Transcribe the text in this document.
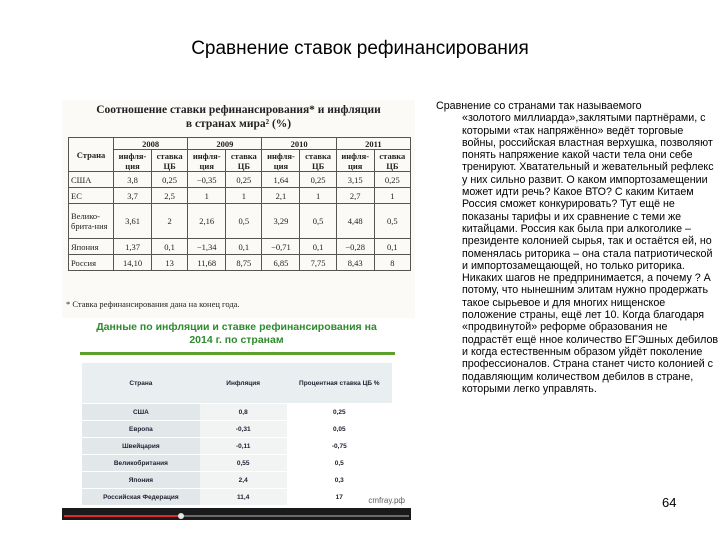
Сравнение ставок рефинансирования
Соотношение ставки рефинансирования* и инфляции
в странах мира² (%)
Страна	2008		2009		2010		2011	
	инфля-ция	ставка ЦБ	инфля-ция	ставка ЦБ	инфля-ция	ставка ЦБ	инфля-ция	ставка ЦБ
США	3,8	0,25	−0,35	0,25	1,64	0,25	3,15	0,25
ЕС	3,7	2,5	1	1	2,1	1	2,7	1
Велико-брита-ния	3,61	2	2,16	0,5	3,29	0,5	4,48	0,5
Япония	1,37	0,1	−1,34	0,1	−0,71	0,1	−0,28	0,1
Россия	14,10	13	11,68	8,75	6,85	7,75	8,43	8
* Ставка рефинансирования дана на конец года.
Данные по инфляции и ставке рефинансирования на
2014 г. по странам
Страна	Инфляция	Процентная ставка ЦБ %
США	0,8	0,25
Европа	-0,31	0,05
Швейцария	-0,11	-0,75
Великобритания	0,55	0,5
Япония	2,4	0,3
Российская Федерация	11,4	17	cmfray.рф
Сравнение со странами так называемого
«золотого миллиарда»,заклятыми партнёрами, с которыми «так напряжённо» ведёт торговые войны, российская властная верхушка, позволяют понять напряжение какой части тела они себе тренируют. Хватательный и жевательный рефлекс у них сильно развит. О каком импортозамещении может идти речь? Какое ВТО? С каким Китаем Россия сможет конкурировать? Тут ещё не показаны тарифы и их сравнение с теми же китайцами. Россия как была при алкоголике –президенте колонией сырья, так и остаётся ей, но поменялась риторика – она стала патриотической и импортозамещающей, но только риторика. Никаких шагов не предпринимается, а почему ? А потому, что нынешним элитам нужно продержать такое сырьевое и для многих нищенское положение страны, ещё лет 10. Когда благодаря «продвинутой» реформе образования не подрастёт ещё нное количество ЕГЭшных дебилов и когда естественным образом уйдёт поколение профессионалов. Страна станет чисто колонией с подавляющим количеством дебилов в стране, которыми легко управлять.
64
